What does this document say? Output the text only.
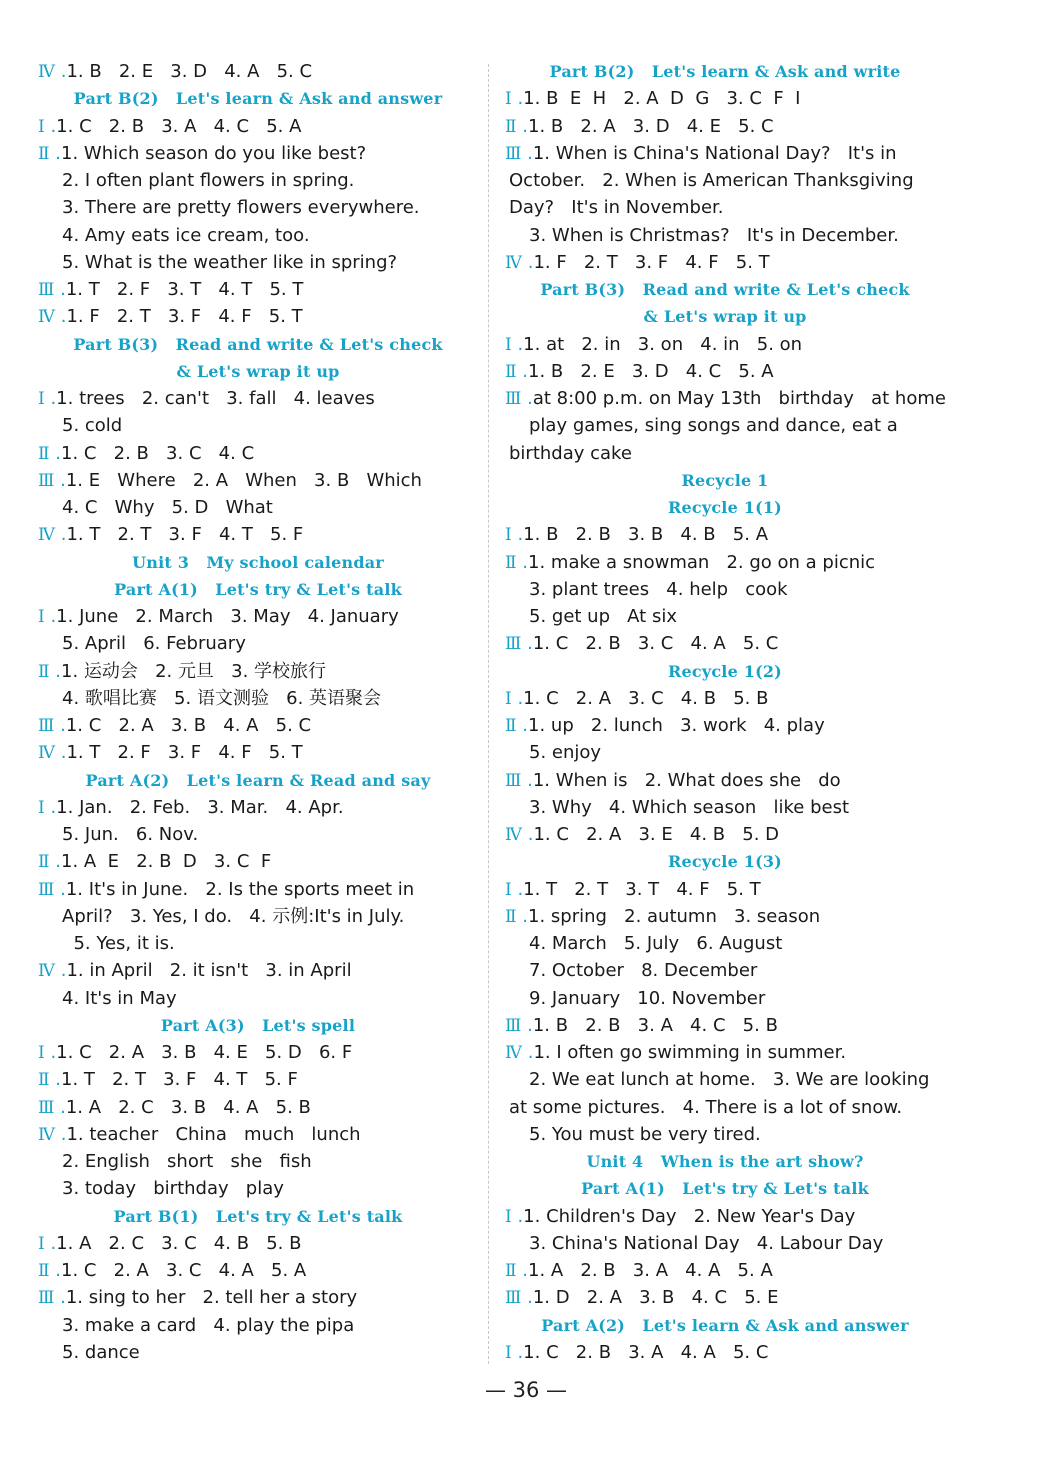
Ⅳ .1. B   2. E   3. D   4. A   5. C
Part B(2)   Let's learn & Ask and answer
Ⅰ .1. C   2. B   3. A   4. C   5. A
Ⅱ .1. Which season do you like best?
2. I often plant flowers in spring.
3. There are pretty flowers everywhere.
4. Amy eats ice cream, too.
5. What is the weather like in spring?
Ⅲ .1. T   2. F   3. T   4. T   5. T
Ⅳ .1. F   2. T   3. F   4. F   5. T
Part B(3)   Read and write & Let's check
& Let's wrap it up
Ⅰ .1. trees   2. can't   3. fall   4. leaves
5. cold
Ⅱ .1. C   2. B   3. C   4. C
Ⅲ .1. E   Where   2. A   When   3. B   Which
4. C   Why   5. D   What
Ⅳ .1. T   2. T   3. F   4. T   5. F
Unit 3   My school calendar
Part A(1)   Let's try & Let's talk
Ⅰ .1. June   2. March   3. May   4. January
5. April   6. February
Ⅱ .1. 运动会   2. 元旦   3. 学校旅行
4. 歌唱比赛   5. 语文测验   6. 英语聚会
Ⅲ .1. C   2. A   3. B   4. A   5. C
Ⅳ .1. T   2. F   3. F   4. F   5. T
Part A(2)   Let's learn & Read and say
Ⅰ .1. Jan.   2. Feb.   3. Mar.   4. Apr.
5. Jun.   6. Nov.
Ⅱ .1. A  E   2. B  D   3. C  F
Ⅲ .1. It's in June.   2. Is the sports meet in
April?   3. Yes, I do.   4. 示例:It's in July.
5. Yes, it is.
Ⅳ .1. in April   2. it isn't   3. in April
4. It's in May
Part A(3)   Let's spell
Ⅰ .1. C   2. A   3. B   4. E   5. D   6. F
Ⅱ .1. T   2. T   3. F   4. T   5. F
Ⅲ .1. A   2. C   3. B   4. A   5. B
Ⅳ .1. teacher   China   much   lunch
2. English   short   she   fish
3. today   birthday   play
Part B(1)   Let's try & Let's talk
Ⅰ .1. A   2. C   3. C   4. B   5. B
Ⅱ .1. C   2. A   3. C   4. A   5. A
Ⅲ .1. sing to her   2. tell her a story
3. make a card   4. play the pipa
5. dance
Part B(2)   Let's learn & Ask and write
Ⅰ .1. B  E  H   2. A  D  G   3. C  F  I
Ⅱ .1. B   2. A   3. D   4. E   5. C
Ⅲ .1. When is China's National Day?   It's in
October.   2. When is American Thanksgiving
Day?   It's in November.
3. When is Christmas?   It's in December.
Ⅳ .1. F   2. T   3. F   4. F   5. T
Part B(3)   Read and write & Let's check
& Let's wrap it up
Ⅰ .1. at   2. in   3. on   4. in   5. on
Ⅱ .1. B   2. E   3. D   4. C   5. A
Ⅲ .at 8:00 p.m. on May 13th   birthday   at home
play games, sing songs and dance, eat a
birthday cake
Recycle 1
Recycle 1(1)
Ⅰ .1. B   2. B   3. B   4. B   5. A
Ⅱ .1. make a snowman   2. go on a picnic
3. plant trees   4. help   cook
5. get up   At six
Ⅲ .1. C   2. B   3. C   4. A   5. C
Recycle 1(2)
Ⅰ .1. C   2. A   3. C   4. B   5. B
Ⅱ .1. up   2. lunch   3. work   4. play
5. enjoy
Ⅲ .1. When is   2. What does she   do
3. Why   4. Which season   like best
Ⅳ .1. C   2. A   3. E   4. B   5. D
Recycle 1(3)
Ⅰ .1. T   2. T   3. T   4. F   5. T
Ⅱ .1. spring   2. autumn   3. season
4. March   5. July   6. August
7. October   8. December
9. January   10. November
Ⅲ .1. B   2. B   3. A   4. C   5. B
Ⅳ .1. I often go swimming in summer.
2. We eat lunch at home.   3. We are looking
at some pictures.   4. There is a lot of snow.
5. You must be very tired.
Unit 4   When is the art show?
Part A(1)   Let's try & Let's talk
Ⅰ .1. Children's Day   2. New Year's Day
3. China's National Day   4. Labour Day
Ⅱ .1. A   2. B   3. A   4. A   5. A
Ⅲ .1. D   2. A   3. B   4. C   5. E
Part A(2)   Let's learn & Ask and answer
Ⅰ .1. C   2. B   3. A   4. A   5. C
— 36 —
